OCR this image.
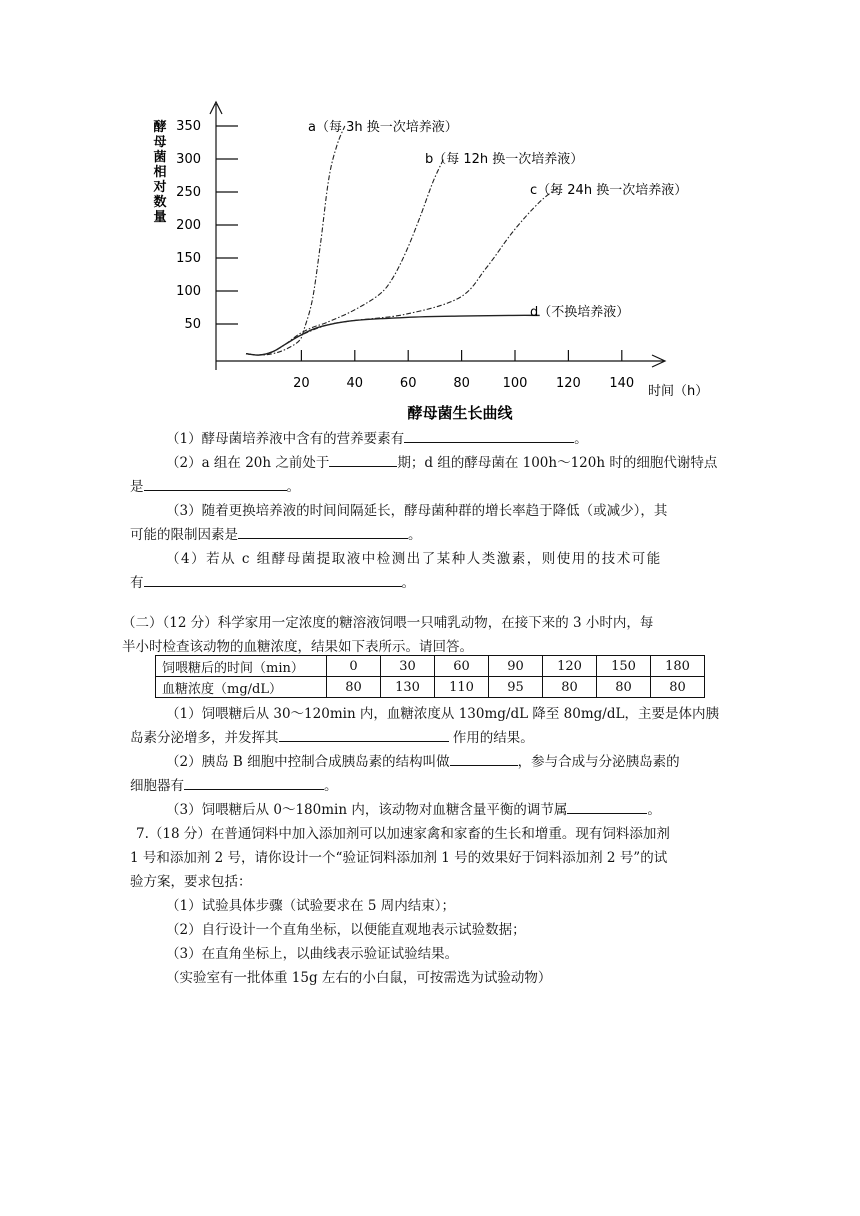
50
100
150
200
250
300
350
20	40	60	80	100 120 140
a（每 3h 换一次培养液）
b（每 12h 换一次培养液）
c（每 24h 换一次培养液）
d（不换培养液）
酵母菌相对数量
时间（h）
酵母菌生长曲线
（1）酵母菌培养液中含有的营养要素有	。
（2）a 组在 20h 之前处于	期；d 组的酵母菌在 100h～120h 时的细胞代谢特点
是	。
（3）随着更换培养液的时间间隔延长，酵母菌种群的增长率趋于降低（或减少），其
可能的限制因素是	。
（4）若从 c 组酵母菌提取液中检测出了某种人类激素，则使用的技术可能
有	。
（二）（12 分）科学家用一定浓度的糖溶液饲喂一只哺乳动物，在接下来的 3 小时内，每
半小时检查该动物的血糖浓度，结果如下表所示。请回答。
饲喂糖后的时间（min）	0	30	60	90	120	150	180
血糖浓度（mg/dL）	80	130	110	95	80	80	80
（1）饲喂糖后从 30～120min 内，血糖浓度从 130mg/dL 降至 80mg/dL，主要是体内胰
岛素分泌增多，并发挥其	作用的结果。
（2）胰岛 B 细胞中控制合成胰岛素的结构叫做	，参与合成与分泌胰岛素的
细胞器有	。
（3）饲喂糖后从 0～180min 内，该动物对血糖含量平衡的调节属	。
7.（18 分）在普通饲料中加入添加剂可以加速家禽和家畜的生长和增重。现有饲料添加剂
1 号和添加剂 2 号，请你设计一个“验证饲料添加剂 1 号的效果好于饲料添加剂 2 号”的试
验方案，要求包括：
（1）试验具体步骤（试验要求在 5 周内结束）；
（2）自行设计一个直角坐标，以便能直观地表示试验数据；
（3）在直角坐标上，以曲线表示验证试验结果。
（实验室有一批体重 15g 左右的小白鼠，可按需选为试验动物）
